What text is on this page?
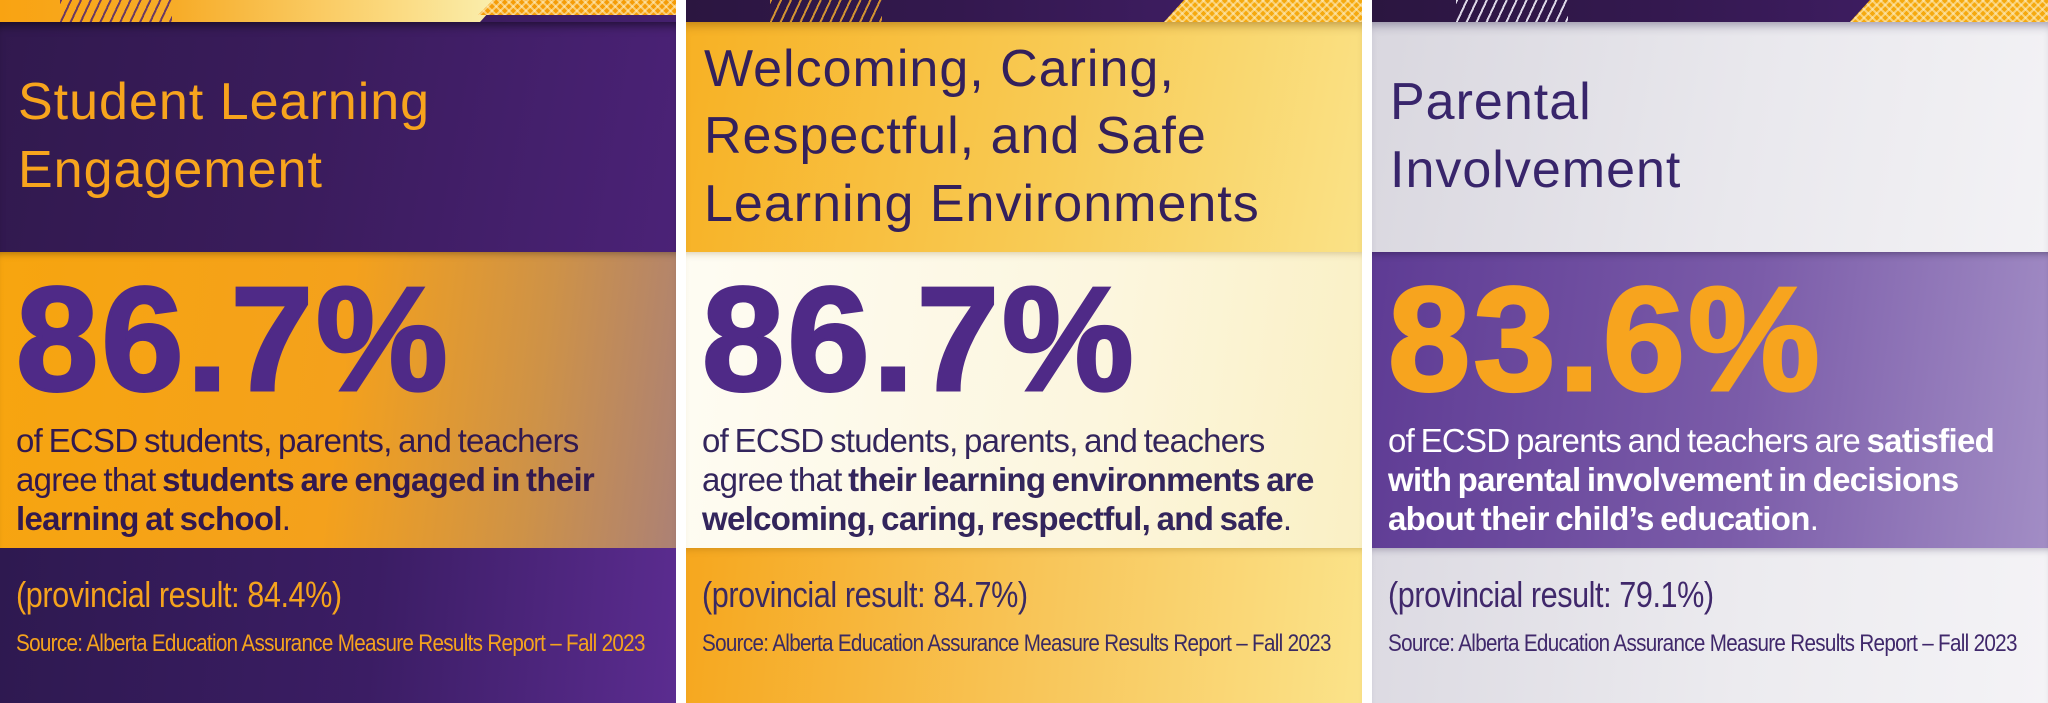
Student Learning
Engagement
86.7%

of ECSD students, parents, and teachers agree that students are engaged in their learning at school.

(provincial result: 84.4%)
Source: Alberta Education Assurance Measure Results Report – Fall 2023
Welcoming, Caring,
Respectful, and Safe
Learning Environments
86.7%

of ECSD students, parents, and teachers agree that their learning environments are welcoming, caring, respectful, and safe.

(provincial result: 84.7%)
Source: Alberta Education Assurance Measure Results Report – Fall 2023
Parental
Involvement
83.6%

of ECSD parents and teachers are satisfied with parental involvement in decisions about their child’s education.

(provincial result: 79.1%)
Source: Alberta Education Assurance Measure Results Report – Fall 2023
